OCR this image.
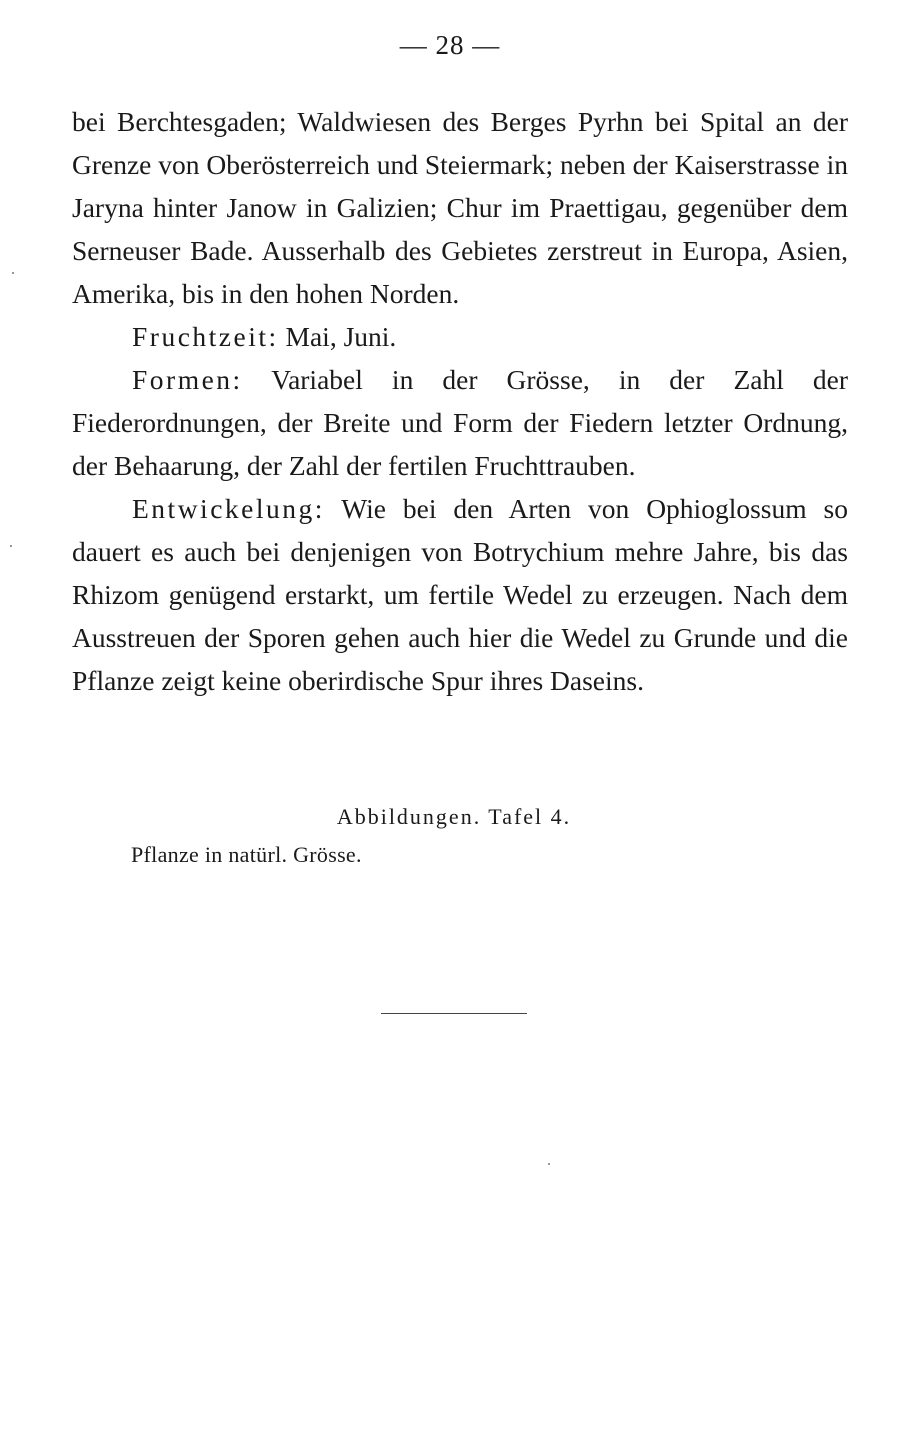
— 28 —

bei Berchtesgaden; Waldwiesen des Berges Pyrhn bei Spital an der Grenze von Oberösterreich und Steiermark; neben der Kaiserstrasse in Jaryna hinter Janow in Galizien; Chur im Praettigau, gegenüber dem Serneuser Bade. Ausserhalb des Gebietes zerstreut in Europa, Asien, Amerika, bis in den hohen Norden.

Fruchtzeit: Mai, Juni.

Formen: Variabel in der Grösse, in der Zahl der Fiederordnungen, der Breite und Form der Fiedern letzter Ordnung, der Behaarung, der Zahl der fertilen Fruchttrauben.

Entwickelung: Wie bei den Arten von Ophioglossum so dauert es auch bei denjenigen von Botrychium mehre Jahre, bis das Rhizom genügend erstarkt, um fertile Wedel zu erzeugen. Nach dem Ausstreuen der Sporen gehen auch hier die Wedel zu Grunde und die Pflanze zeigt keine oberirdische Spur ihres Daseins.

Abbildungen. Tafel 4.
Pflanze in natürl. Grösse.
